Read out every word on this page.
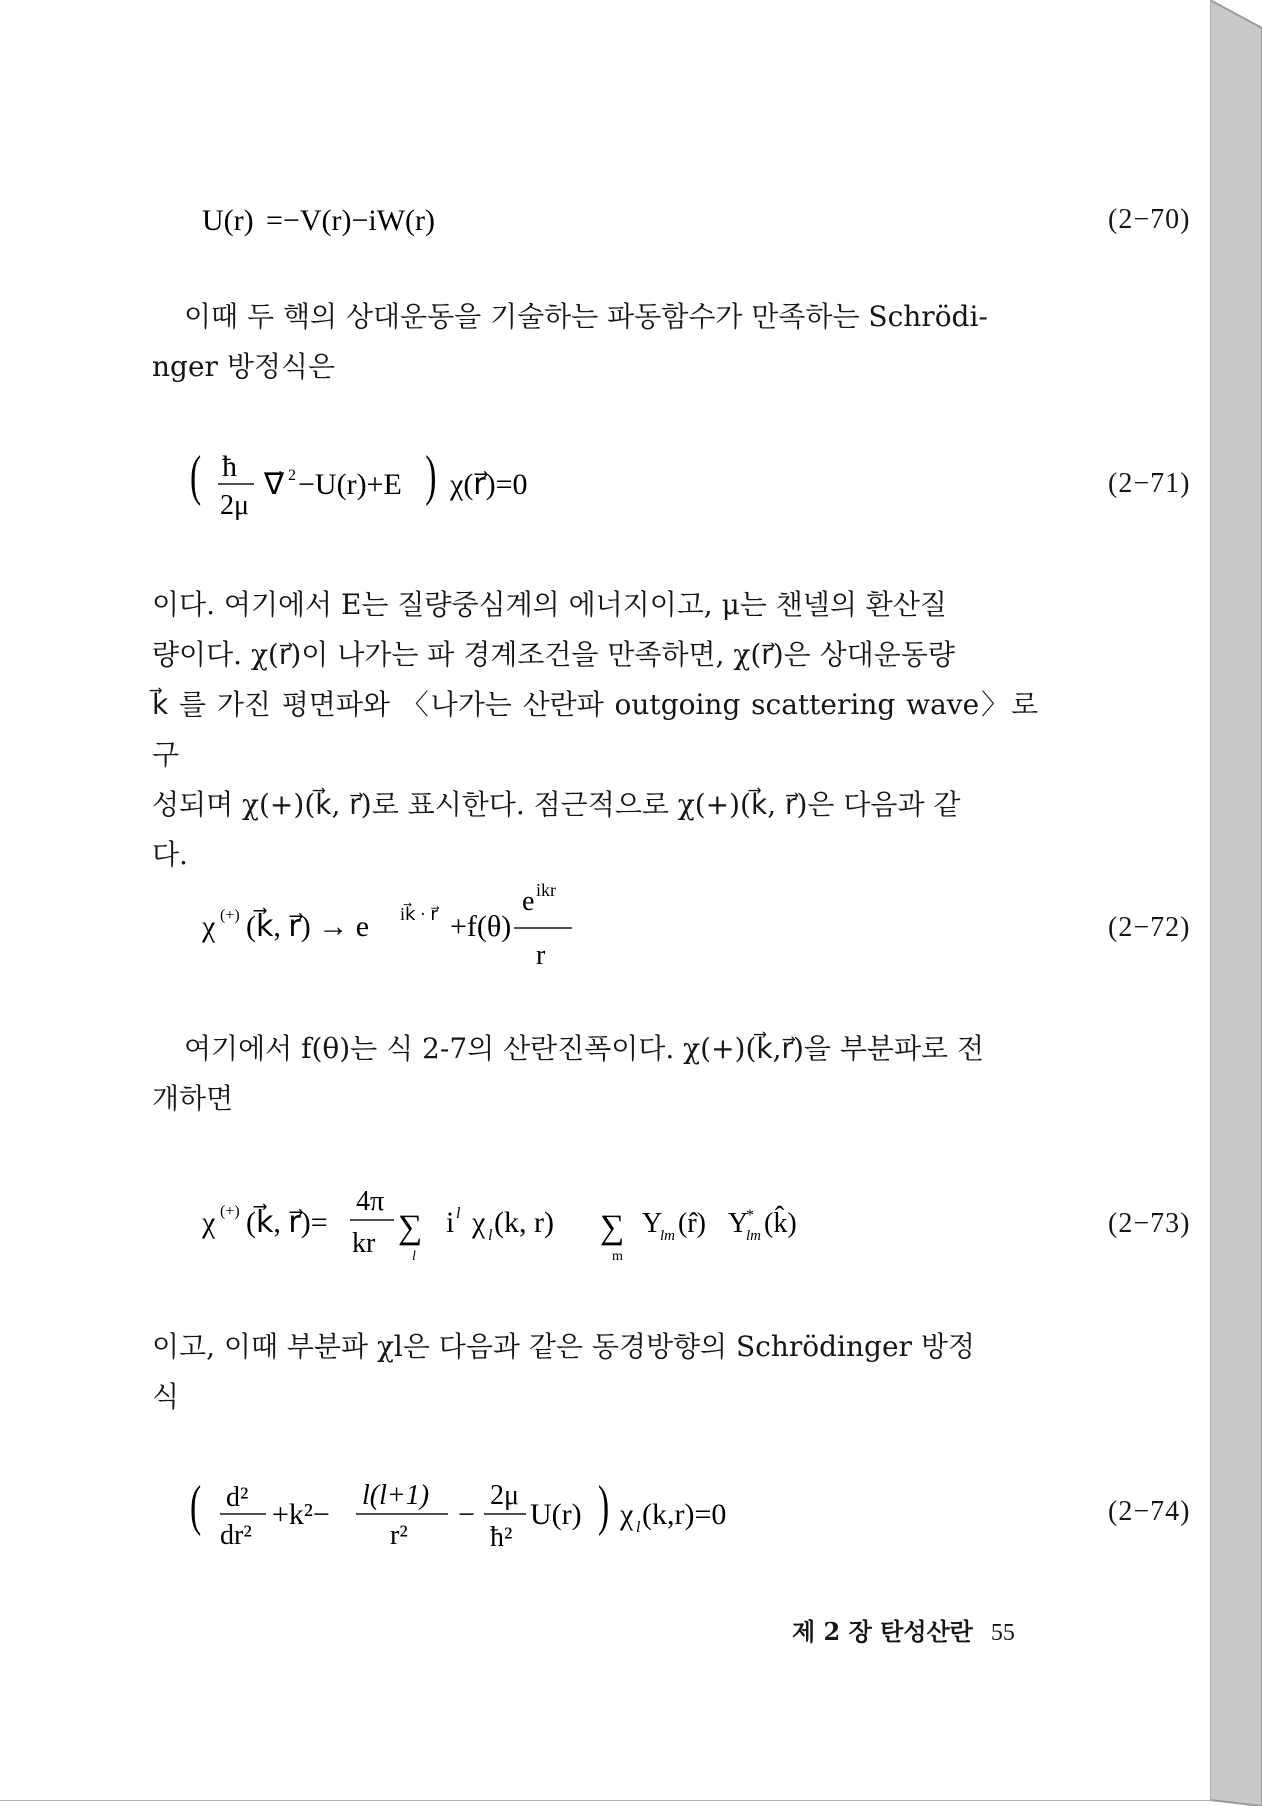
U(r) =−V(r)−iW(r)	(2−70)
이때 두 핵의 상대운동을 기술하는 파동함수가 만족하는 Schrödi-
nger 방정식은
( ħ
2μ
∇⃗ 2 −U(r)+E ) χ(r⃗)=0	(2−71)
이다. 여기에서 E는 질량중심계의 에너지이고, μ는 챈넬의 환산질
량이다. χ(r⃗)이 나가는 파 경계조건을 만족하면, χ(r⃗)은 상대운동량
k⃗ 를 가진 평면파와 〈나가는 산란파 outgoing scattering wave〉로 구
성되며 χ(+)(k⃗, r⃗)로 표시한다. 점근적으로 χ(+)(k⃗, r⃗)은 다음과 같
다.
χ (+) (k⃗, r⃗) → e ik⃗ · r⃗ +f(θ)
e ikr
r
(2−72)
여기에서 f(θ)는 식 2-7의 산란진폭이다. χ(+)(k⃗,r⃗)을 부분파로 전
개하면
χ (+) (k⃗, r⃗)=
4π
kr ∑
l
i l χ l (k, r) ∑
m
Y
lm (r̂) Y
*
lm (k̂)	(2−73)
이고, 이때 부분파 χl은 다음과 같은 동경방향의 Schrödinger 방정
식
( d²
dr²
+k²−
l(l+1)
r²
−
2μ
ħ²
U(r) ) χ l (k,r)=0	(2−74)
제 2 장 탄성산란 55
